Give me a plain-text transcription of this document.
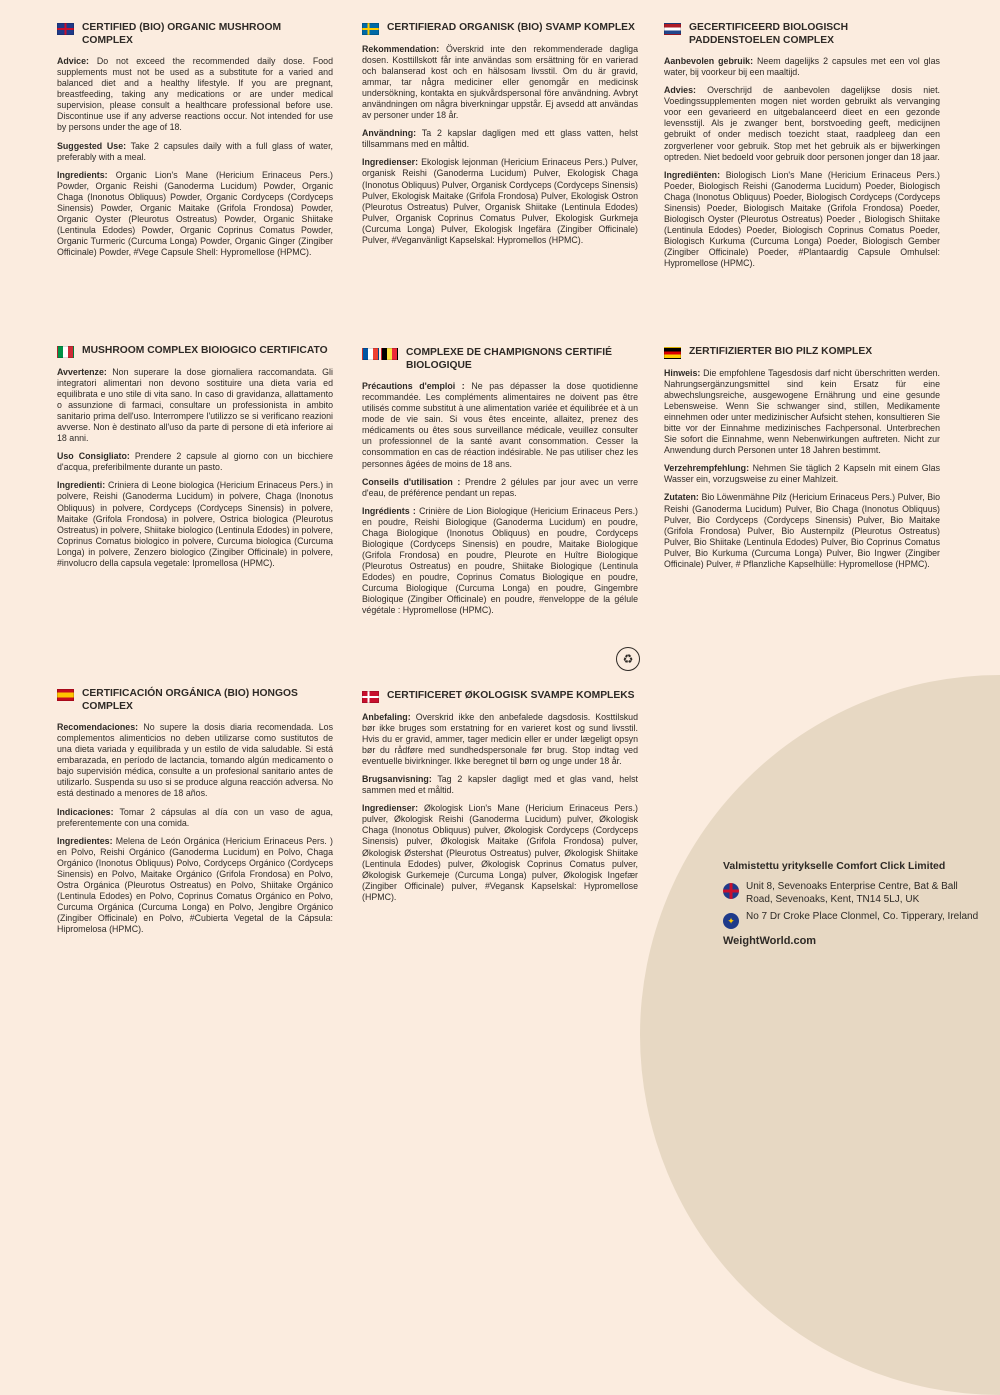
CERTIFIED (BIO) ORGANIC MUSHROOM COMPLEX

Advice: Do not exceed the recommended daily dose. Food supplements must not be used as a substitute for a varied and balanced diet and a healthy lifestyle. If you are pregnant, breastfeeding, taking any medications or are under medical supervision, please consult a healthcare professional before use. Discontinue use if any adverse reactions occur. Not intended for use by persons under the age of 18.

Suggested Use: Take 2 capsules daily with a full glass of water, preferably with a meal.

Ingredients: Organic Lion's Mane (Hericium Erinaceus Pers.) Powder, Organic Reishi (Ganoderma Lucidum) Powder, Organic Chaga (Inonotus Obliquus) Powder, Organic Cordyceps (Cordyceps Sinensis) Powder, Organic Maitake (Grifola Frondosa) Powder, Organic Oyster (Pleurotus Ostreatus) Powder, Organic Shiitake (Lentinula Edodes) Powder, Organic Coprinus Comatus Powder, Organic Turmeric (Curcuma Longa) Powder, Organic Ginger (Zingiber Officinale) Powder, #Vege Capsule Shell: Hypromellose (HPMC).

MUSHROOM COMPLEX BIOIOGICO CERTIFICATO

Avvertenze: Non superare la dose giornaliera raccomandata. Gli integratori alimentari non devono sostituire una dieta varia ed equilibrata e uno stile di vita sano. In caso di gravidanza, allattamento o assunzione di farmaci, consultare un professionista in ambito sanitario prima dell'uso. Interrompere l'utilizzo se si verificano reazioni avverse. Non è destinato all'uso da parte di persone di età inferiore ai 18 anni.

Uso Consigliato: Prendere 2 capsule al giorno con un bicchiere d'acqua, preferibilmente durante un pasto.

Ingredienti: Criniera di Leone biologica (Hericium Erinaceus Pers.) in polvere, Reishi (Ganoderma Lucidum) in polvere, Chaga (Inonotus Obliquus) in polvere, Cordyceps (Cordyceps Sinensis) in polvere, Maitake (Grifola Frondosa) in polvere, Ostrica biologica (Pleurotus Ostreatus) in polvere, Shiitake biologico (Lentinula Edodes) in polvere, Coprinus Comatus biologico in polvere, Curcuma biologica (Curcuma Longa) in polvere, Zenzero biologico (Zingiber Officinale) in polvere, #involucro della capsula vegetale: Ipromellosa (HPMC).

CERTIFICACIÓN ORGÁNICA (BIO) HONGOS COMPLEX

Recomendaciones: No supere la dosis diaria recomendada. Los complementos alimenticios no deben utilizarse como sustitutos de una dieta variada y equilibrada y un estilo de vida saludable. Si está embarazada, en período de lactancia, tomando algún medicamento o bajo supervisión médica, consulte a un profesional sanitario antes de utilizarlo. Suspenda su uso si se produce alguna reacción adversa. No está destinado a menores de 18 años.

Indicaciones: Tomar 2 cápsulas al día con un vaso de agua, preferentemente con una comida.

Ingredientes: Melena de León Orgánica (Hericium Erinaceus Pers. ) en Polvo, Reishi Orgánico (Ganoderma Lucidum) en Polvo, Chaga Orgánico (Inonotus Obliquus) Polvo, Cordyceps Orgánico (Cordyceps Sinensis) en Polvo, Maitake Orgánico (Grifola Frondosa) en Polvo, Ostra Orgánica (Pleurotus Ostreatus) en Polvo, Shiitake Orgánico (Lentinula Edodes) en Polvo, Coprinus Comatus Orgánico en Polvo, Curcuma Orgánica (Curcuma Longa) en Polvo, Jengibre Orgánico (Zingiber Officinale) en Polvo, #Cubierta Vegetal de la Cápsula: Hipromelosa (HPMC).

CERTIFIERAD ORGANISK (BIO) SVAMP KOMPLEX

Rekommendation: Överskrid inte den rekommenderade dagliga dosen. Kosttillskott får inte användas som ersättning för en varierad och balanserad kost och en hälsosam livsstil. Om du är gravid, ammar, tar några mediciner eller genomgår en medicinsk undersökning, kontakta en sjukvårdspersonal före användning. Avbryt användningen om några biverkningar uppstår. Ej avsedd att användas av personer under 18 år.

Användning: Ta 2 kapslar dagligen med ett glass vatten, helst tillsammans med en måltid.

Ingredienser: Ekologisk lejonman (Hericium Erinaceus Pers.) Pulver, organisk Reishi (Ganoderma Lucidum) Pulver, Ekologisk Chaga (Inonotus Obliquus) Pulver, Organisk Cordyceps (Cordyceps Sinensis) Pulver, Ekologisk Maitake (Grifola Frondosa) Pulver, Ekologisk Ostron (Pleurotus Ostreatus) Pulver, Organisk Shiitake (Lentinula Edodes) Pulver, Organisk Coprinus Comatus Pulver, Ekologisk Gurkmeja (Curcuma Longa) Pulver, Ekologisk Ingefära (Zingiber Officinale) Pulver, #Veganvänligt Kapselskal: Hypromellos (HPMC).

COMPLEXE DE CHAMPIGNONS CERTIFIÉ BIOLOGIQUE

Précautions d'emploi : Ne pas dépasser la dose quotidienne recommandée. Les compléments alimentaires ne doivent pas être utilisés comme substitut à une alimentation variée et équilibrée et à un mode de vie sain. Si vous êtes enceinte, allaitez, prenez des médicaments ou êtes sous surveillance médicale, veuillez consulter un professionnel de la santé avant consommation. Cesser la consommation en cas de réaction indésirable. Ne pas utiliser chez les personnes âgées de moins de 18 ans.

Conseils d'utilisation : Prendre 2 gélules par jour avec un verre d'eau, de préférence pendant un repas.

Ingrédients : Crinière de Lion Biologique (Hericium Erinaceus Pers.) en poudre, Reishi Biologique (Ganoderma Lucidum) en poudre, Chaga Biologique (Inonotus Obliquus) en poudre, Cordyceps Biologique (Cordyceps Sinensis) en poudre, Maitake Biologique (Grifola Frondosa) en poudre, Pleurote en Huître Biologique (Pleurotus Ostreatus) en poudre, Shiitake Biologique (Lentinula Edodes) en poudre, Coprinus Comatus Biologique en poudre, Curcuma Biologique (Curcuma Longa) en poudre, Gingembre Biologique (Zingiber Officinale) en poudre, #enveloppe de la gélule végétale : Hypromellose (HPMC).

CERTIFICERET ØKOLOGISK SVAMPE KOMPLEKS

Anbefaling: Overskrid ikke den anbefalede dagsdosis. Kosttilskud bør ikke bruges som erstatning for en varieret kost og sund livsstil. Hvis du er gravid, ammer, tager medicin eller er under lægeligt opsyn bør du rådføre med sundhedspersonale før brug. Stop indtag ved eventuelle bivirkninger. Ikke beregnet til børn og unge under 18 år.

Brugsanvisning: Tag 2 kapsler dagligt med et glas vand, helst sammen med et måltid.

Ingredienser: Økologisk Lion's Mane (Hericium Erinaceus Pers.) pulver, Økologisk Reishi (Ganoderma Lucidum) pulver, Økologisk Chaga (Inonotus Obliquus) pulver, Økologisk Cordyceps (Cordyceps Sinensis) pulver, Økologisk Maitake (Grifola Frondosa) pulver, Økologisk Østershat (Pleurotus Ostreatus) pulver, Økologisk Shiitake (Lentinula Edodes) pulver, Økologisk Coprinus Comatus pulver, Økologisk Gurkemeje (Curcuma Longa) pulver, Økologisk Ingefær (Zingiber Officinale) pulver, #Vegansk Kapselskal: Hypromellose (HPMC).

♻
GECERTIFICEERD BIOLOGISCH PADDENSTOELEN COMPLEX

Aanbevolen gebruik: Neem dagelijks 2 capsules met een vol glas water, bij voorkeur bij een maaltijd.

Advies: Overschrijd de aanbevolen dagelijkse dosis niet. Voedingssupplementen mogen niet worden gebruikt als vervanging voor een gevarieerd en uitgebalanceerd dieet en een gezonde levensstijl. Als je zwanger bent, borstvoeding geeft, medicijnen gebruikt of onder medisch toezicht staat, raadpleeg dan een zorgverlener voor gebruik. Stop met het gebruik als er bijwerkingen optreden. Niet bedoeld voor gebruik door personen jonger dan 18 jaar.

Ingrediënten: Biologisch Lion's Mane (Hericium Erinaceus Pers.) Poeder, Biologisch Reishi (Ganoderma Lucidum) Poeder, Biologisch Chaga (Inonotus Obliquus) Poeder, Biologisch Cordyceps (Cordyceps Sinensis) Poeder, Biologisch Maitake (Grifola Frondosa) Poeder, Biologisch Oyster (Pleurotus Ostreatus) Poeder , Biologisch Shiitake (Lentinula Edodes) Poeder, Biologisch Coprinus Comatus Poeder, Biologisch Kurkuma (Curcuma Longa) Poeder, Biologisch Gember (Zingiber Officinale) Poeder, #Plantaardig Capsule Omhulsel: Hypromellose (HPMC).

ZERTIFIZIERTER BIO PILZ KOMPLEX

Hinweis: Die empfohlene Tagesdosis darf nicht überschritten werden. Nahrungsergänzungsmittel sind kein Ersatz für eine abwechslungsreiche, ausgewogene Ernährung und eine gesunde Lebensweise. Wenn Sie schwanger sind, stillen, Medikamente einnehmen oder unter medizinischer Aufsicht stehen, konsultieren Sie bitte vor der Einnahme medizinisches Fachpersonal. Unterbrechen Sie sofort die Einnahme, wenn Nebenwirkungen auftreten. Nicht zur Anwendung durch Personen unter 18 Jahren bestimmt.

Verzehrempfehlung: Nehmen Sie täglich 2 Kapseln mit einem Glas Wasser ein, vorzugsweise zu einer Mahlzeit.

Zutaten: Bio Löwenmähne Pilz (Hericium Erinaceus Pers.) Pulver, Bio Reishi (Ganoderma Lucidum) Pulver, Bio Chaga (Inonotus Obliquus) Pulver, Bio Cordyceps (Cordyceps Sinensis) Pulver, Bio Maitake (Grifola Frondosa) Pulver, Bio Austernpilz (Pleurotus Ostreatus) Pulver, Bio Shiitake (Lentinula Edodes) Pulver, Bio Coprinus Comatus Pulver, Bio Kurkuma (Curcuma Longa) Pulver, Bio Ingwer (Zingiber Officinale) Pulver, # Pflanzliche Kapselhülle: Hypromellose (HPMC).

Valmistettu yritykselle Comfort Click Limited
Unit 8, Sevenoaks Enterprise Centre, Bat & Ball Road, Sevenoaks, Kent, TN14 5LJ, UK
✦	No 7 Dr Croke Place Clonmel, Co. Tipperary, Ireland
WeightWorld.com
